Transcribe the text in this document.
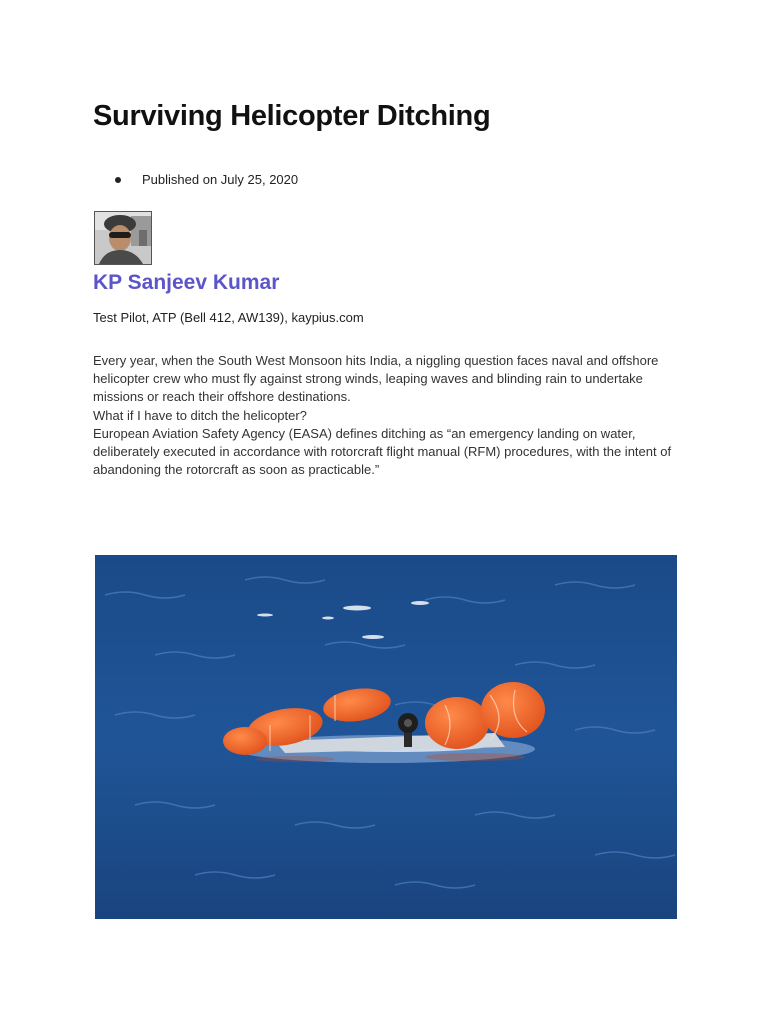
Surviving Helicopter Ditching
Published on July 25, 2020
KP Sanjeev Kumar
Test Pilot, ATP (Bell 412, AW139), kaypius.com

Every year, when the South West Monsoon hits India, a niggling question faces naval and offshore helicopter crew who must fly against strong winds, leaping waves and blinding rain to undertake missions or reach their offshore destinations.

What if I have to ditch the helicopter?

European Aviation Safety Agency (EASA) defines ditching as “an emergency landing on water, deliberately executed in accordance with rotorcraft flight manual (RFM) procedures, with the intent of abandoning the rotorcraft as soon as practicable.”
